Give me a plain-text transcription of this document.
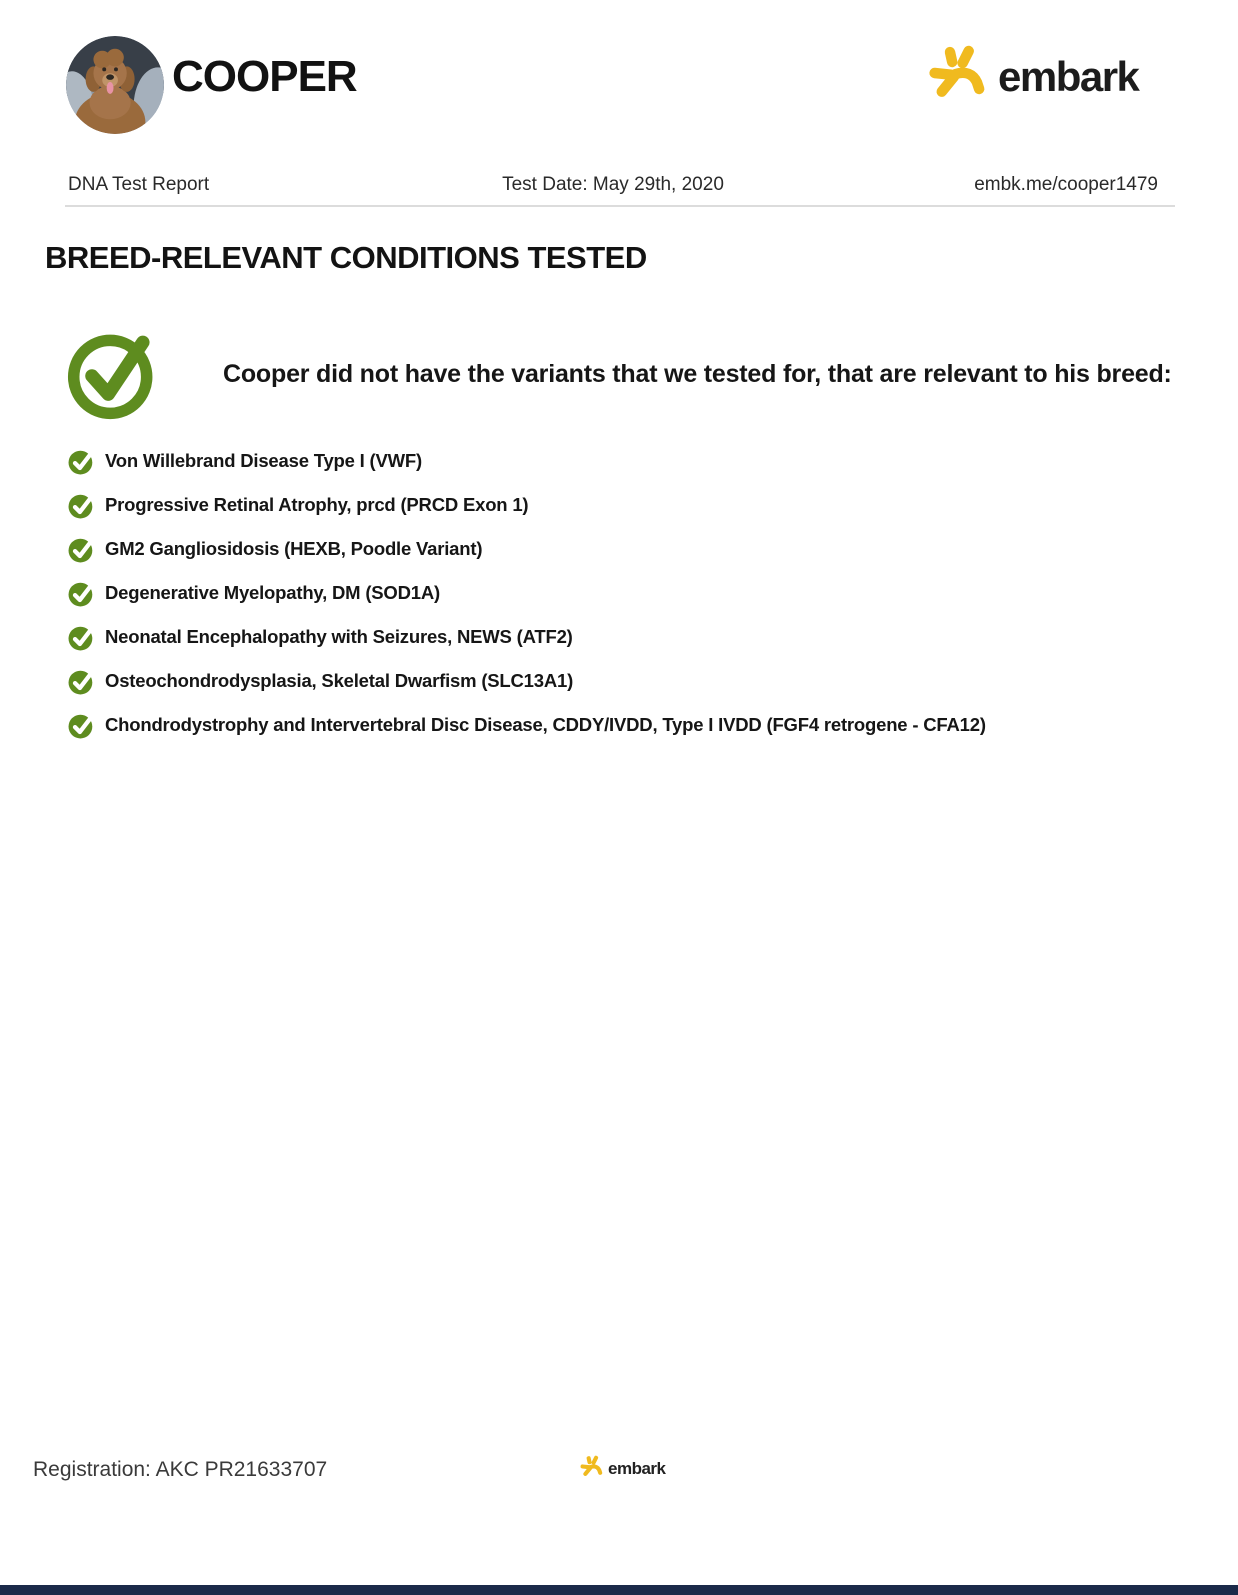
COOPER	embark
Test Date: May 29th, 2020
DNA Test Report	embk.me/cooper1479
BREED-RELEVANT CONDITIONS TESTED
Cooper did not have the variants that we tested for, that are relevant to his breed:
Von Willebrand Disease Type I (VWF)
Progressive Retinal Atrophy, prcd (PRCD Exon 1)
GM2 Gangliosidosis (HEXB, Poodle Variant)
Degenerative Myelopathy, DM (SOD1A)
Neonatal Encephalopathy with Seizures, NEWS (ATF2)
Osteochondrodysplasia, Skeletal Dwarfism (SLC13A1)
Chondrodystrophy and Intervertebral Disc Disease, CDDY/IVDD, Type I IVDD (FGF4 retrogene - CFA12)
Registration: AKC PR21633707	embark
